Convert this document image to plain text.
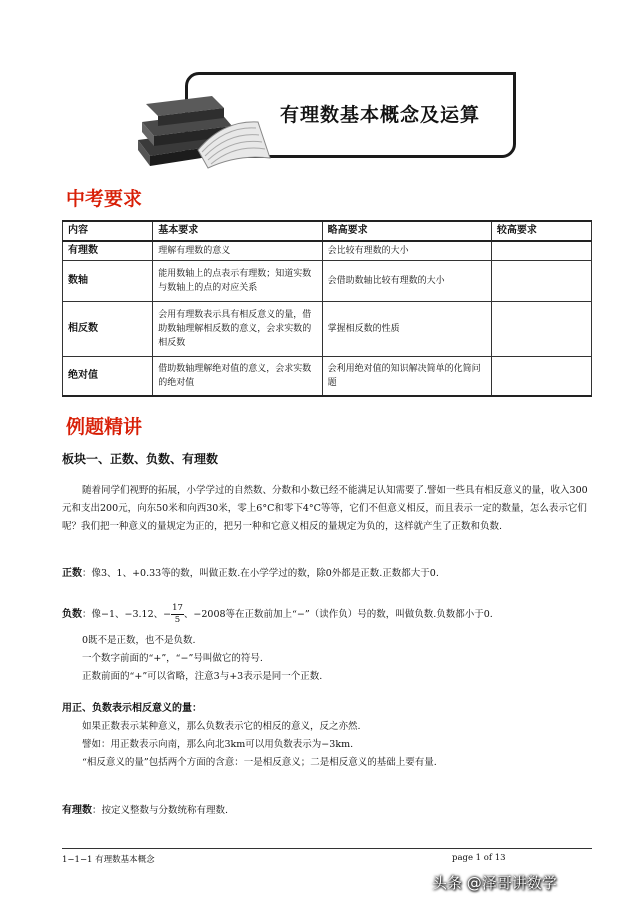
有理数基本概念及运算
中考要求
内容	基本要求	略高要求	较高要求
有理数	理解有理数的意义	会比较有理数的大小	
数轴	能用数轴上的点表示有理数；知道实数与数轴上的点的对应关系	会借助数轴比较有理数的大小	
相反数	会用有理数表示具有相反意义的量，借助数轴理解相反数的意义，会求实数的相反数	掌握相反数的性质	
绝对值	借助数轴理解绝对值的意义，会求实数的绝对值	会利用绝对值的知识解决简单的化简问题	
例题精讲
板块一、正数、负数、有理数
随着同学们视野的拓展，小学学过的自然数、分数和小数已经不能满足认知需要了.譬如一些具有相反意义的量，收入300元和支出200元，向东50米和向西30米，零上6°C和零下4°C等等，它们不但意义相反，而且表示一定的数量，怎么表示它们呢？我们把一种意义的量规定为正的，把另一种和它意义相反的量规定为负的，这样就产生了正数和负数.
正数：像3、1、+0.33等的数，叫做正数.在小学学过的数，除0外都是正数.正数都大于0.
负数：像−1、−3.12、− $\frac{17}{5}$ 、−2008等在正数前加上“−”（读作负）号的数，叫做负数.负数都小于0.
0既不是正数，也不是负数.
一个数字前面的“+”，“−”号叫做它的符号.
正数前面的“+”可以省略，注意3与+3表示是同一个正数.
用正、负数表示相反意义的量：
如果正数表示某种意义，那么负数表示它的相反的意义，反之亦然.
譬如：用正数表示向南，那么向北3km可以用负数表示为−3km.
“相反意义的量”包括两个方面的含意：一是相反意义；二是相反意义的基础上要有量.
有理数：按定义整数与分数统称有理数.
1−1−1 有理数基本概念	page 1 of 13
头条 @泽哥讲数学
